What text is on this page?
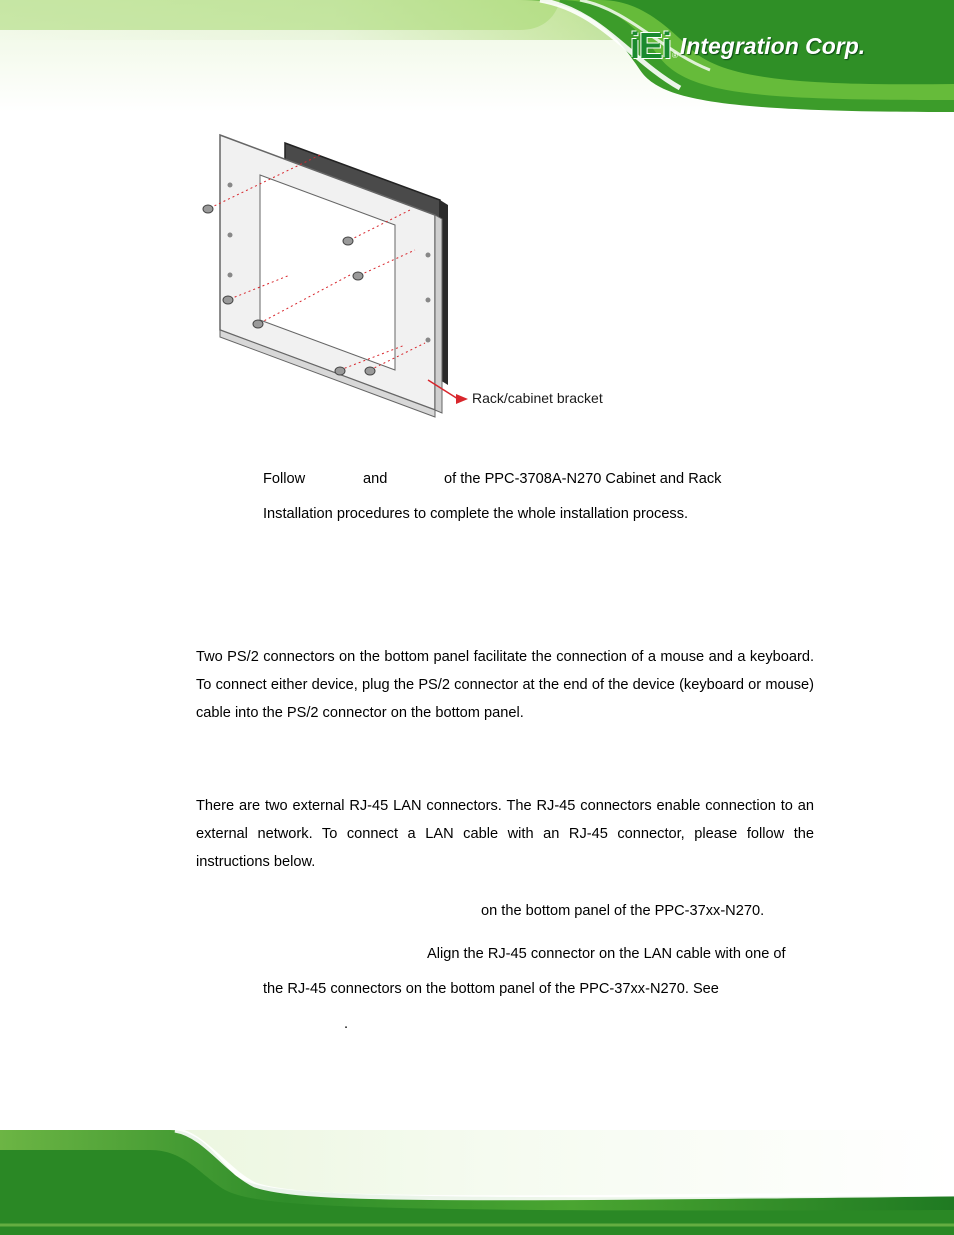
iEi ® Integration Corp.
Rack/cabinet bracket
Follow	and	of the PPC-3708A-N270 Cabinet and Rack
Installation procedures to complete the whole installation process.
Two PS/2 connectors on the bottom panel facilitate the connection of a mouse and a keyboard. To connect either device, plug the PS/2 connector at the end of the device (keyboard or mouse) cable into the PS/2 connector on the bottom panel.
There are two external RJ-45 LAN connectors. The RJ-45 connectors enable connection to an external network. To connect a LAN cable with an RJ-45 connector, please follow the instructions below.
on the bottom panel of the PPC-37xx-N270.
Align the RJ-45 connector on the LAN cable with one of
the RJ-45 connectors on the bottom panel of the PPC-37xx-N270. See
.
